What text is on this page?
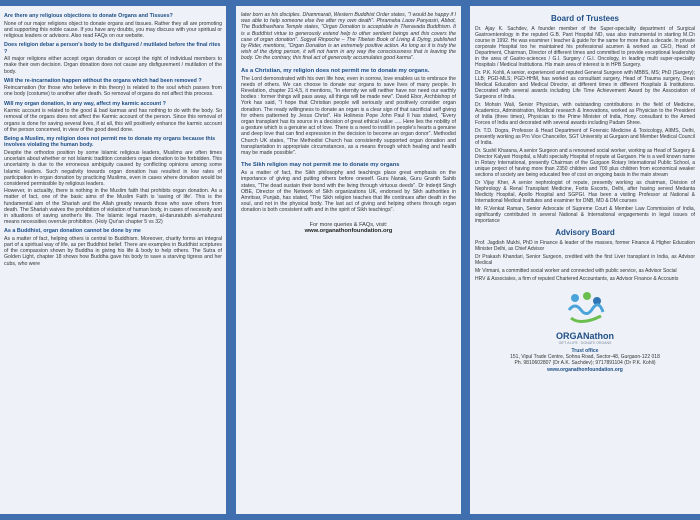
Are there any religious objections to donate Organs and Tissues?

None of our major religions object to donate organs and tissues. Rather they all are promoting and supporting this noble cause. If you have any doubts, you may discuss with your spiritual or religious leaders or advisors. Also read FAQs on our website.

Does religion debar a person's body to be disfigured / mutilated before the final rites ?

All major religions either accept organ donation or accept the right of individual members to make their own decision. Organ donation does not cause any disfigurement / mutilation of the body.

Will the re-incarnation happen without the organs which had been removed ?

Reincarnation (for those who believe in this theory) is related to the soul which passes from one body (costume) to another after death. So removal of organs do not affect this process.

Will my organ donation, in any way, affect my karmic account ?

Karmic account is related to the good & bad karmas and has nothing to do with the body. So removal of the organs does not affect the Karmic account of the person. Since this removal of organs is done for saving several lives, if at all, this will positively enhance the karmic account of the person concerned, in view of the good deed done.

Being a Muslim, my religion does not permit me to donate my organs because this involves violating the human body.

Despite the orthodox position by some Islamic religious leaders, Muslims are often times uncertain about whether or not Islamic tradition considers organ donation to be forbidden. This uncertainty is due to the erroneous ambiguity caused by conflicting opinions among some Islamic leaders. Such negativity towards organ donation has resulted in low rates of participation in organ donation by practicing Muslims, even in cases where donation would be considered permissible by religious leaders.

However, in actuality, there is nothing in the Muslim faith that prohibits organ donation. As a matter of fact, one of the basic aims of the Muslim Faith is 'saving of life'. This is the fundamental aim of the Shariah and the Allah greatly rewards those who save others from death. The Shariah waives the prohibition of violation of human body, in cases of necessity and in situations of saving another's life. The Islamic legal maxim, al-daruratubih al-mahzurat means necessities overrule prohibition. (Holy Qur'an chapter 5 vs 32)

As a Buddhist, organ donation cannot be done by me

As a matter of fact, helping others is central to Buddhism. Moreover, charity forms an integral part of a spiritual way of life, as per Buddhist belief. There are examples in Buddhist scriptures of the compassion shown by Buddha in giving his life & body to help others. The Sutra of Golden Light, chapter 18 shows how Buddha gave his body to save a starving tigress and her cubs, who were

later born as his disciples. Dhammarati, Western Buddhist Order states, "I would be happy if I was able to help someone else live after my own death". Phramaha Laow Panyasiri, Abbot, The Buddhavihara Temple states, "Organ Donation is acceptable in Theravada Buddhism. It is a Buddhist virtue to generously extend help to other sentient beings and this covers the case of organ donation". Sogyal Rinpoche – The Tibetan Book of Living & Dying, published by Rider, mentions, "Organ Donation is an extremely positive action. As long as it is truly the wish of the dying person, it will not harm in any way the consciousness that is leaving the body. On the contrary, this final act of generosity accumulates good karma".

As a Christian, my religion does not permit me to donate my organs.

The Lord demonstrated with his own life how, even in sorrow, love enables us to embrace the needs of others. We can choose to donate our organs to save lives of many people. In Revelation, chapter 21:4,5, it mentions, "In eternity we will neither have nor need our earthly bodies : former things will pass away, all things will be made new". David Ebor, Archbishop of York has said, "I hope that Christian people will seriously and positively consider organ donation. The ready willingness to donate an organ is a clear sign of that sacrificial self giving for others patterned by Jesus Christ". His Holiness Pope John Paul II has stated, "Every organ transplant has its source in a decision of great ethical value ..... Here lies the nobility of a gesture which is a genuine act of love. There is a need to instill in people's hearts a genuine and deep love that can find expression in the decision to become an organ donor". Methodist Church UK states, "The Methodist Church has consistently supported organ donation and transplantation in appropriate circumstances, as a means through which healing and health may be made possible".

The Sikh religion may not permit me to donate my organs

As a matter of fact, the Sikh philosophy and teachings place great emphasis on the importance of giving and putting others before oneself. Guru Nanak, Guru Granth Sahib states, "The dead sustain their bond with the living through virtuous deeds". Dr Inderjit Singh OBE, Director of the Network of Sikh organizations UK, endorsed by Sikh authorities in Amritsar, Punjab, has stated, "The Sikh religion teaches that life continues after death in the soul, and not in the physical body. The last act of giving and helping others through organ donation is both consistent with and in the spirit of Sikh teachings".

For more queries & FAQs, visit:
www.organathonfoundation.org
Board of Trustees

Dr. Ajay K. Sachdev, A founder member of the Super-speciality department of Surgical Gastroenterology in the reputed G.B. Pant Hospital ND, was also instrumental in starting M.Ch course in 1992. He was examiner / teacher & guide for the same for more than a decade. In private corporate Hospital too he maintained his professional acumen & worked as CEO, Head of Department, Chairman, Director of different times and committed to provide exceptional leadership in the area of Gastro-sciences / G.I. Surgery / G.I. Oncology, in leading multi super-speciality Hospitals / Medical Institutions. His main area of interest is in HPB Surgery.

Dr. P.K. Kohli, A senior, experienced and reputed General Surgeon with MBBS, MS; PhD (Surgery); LLB; PGD-MLS; PGD-HHM, has worked as consultant surgery, Head of Trauma surgery, Dean Medical Education and Medical Director, at different times in different Hospitals & Institutions. Decorated with several awards including Life Time Achievement Award by the Association of Surgeons of India.

Dr. Mohsin Wali, Senior Physician, with outstanding contributions in the field of Medicine, Academics, Administration, Medical research & Innovations, worked as Physician to the President of India (three times), Physician to the Prime Minister of India, Hony. consultant to the Armed Forces of India and decorated with several awards including Padam Shree.

Dr. T.D. Dogra, Professor & Head Department of Forensic Medicine & Toxicology, AIIMS, Delhi, presently working as Pro Vice Chancellor, SGT University at Gurgaon and Member Medical Council of India.

Dr. Sushil Kharana, A senior Surgeon and a renowned social worker, working as Head of Surgery & Director Kalyani Hospital, a Multi specialty Hospital of repute at Gurgaon. He is a well known name in Rotary International, presently Chairman of the Gurgaon Rotary International Public School, a unique project of having more than 2350 children and 700 plus children from economical weaker sections of society are being educated free of cost on ongoing basis in the main stream

Dr Vijay Kher, A senior nephrologist of repute, presently working as chairman, Division of Nephrology & Renal Transplant Medicine, Fortis Escorts, Delhi, after having served Medanta Medicity Hospital, Apollo Hospital and SGPGI. Has been a visiting Professor at National & International Medical Institutes and examiner for DNB, MD & DM courses

Mr. R.Venkat Raman, Senior Advocate of Supreme Court & Member Law Commission of India, significantly contributed in several National & International engagements in legal issues of importance

Advisory Board

Prof. Jagdish Mukhi, PhD in Finance & leader of the masses, former Finance & Higher Education Minister Delhi, as Chief Advisor

Dr Prakash Khandari, Senior Surgeon, credited with the first Liver transplant in India, as Advisor Medical

Mr Virmani, a committed social worker and connected with public service, as Advisor Social

HRV & Associates, a firm of reputed Chartered Accountants, as Advisor Finance & Accounts

ORGANathon
GIFT A LIFE · DONATE ORGANS
Trust office
151, Vipul Trade Centre, Sohna Road, Sector-48, Gurgaon-122 018
Ph. 9810602807 (Dr A.K. Sachdev); 9717891104 (Dr P.K. Kohli)
www.organathonfoundation.org
